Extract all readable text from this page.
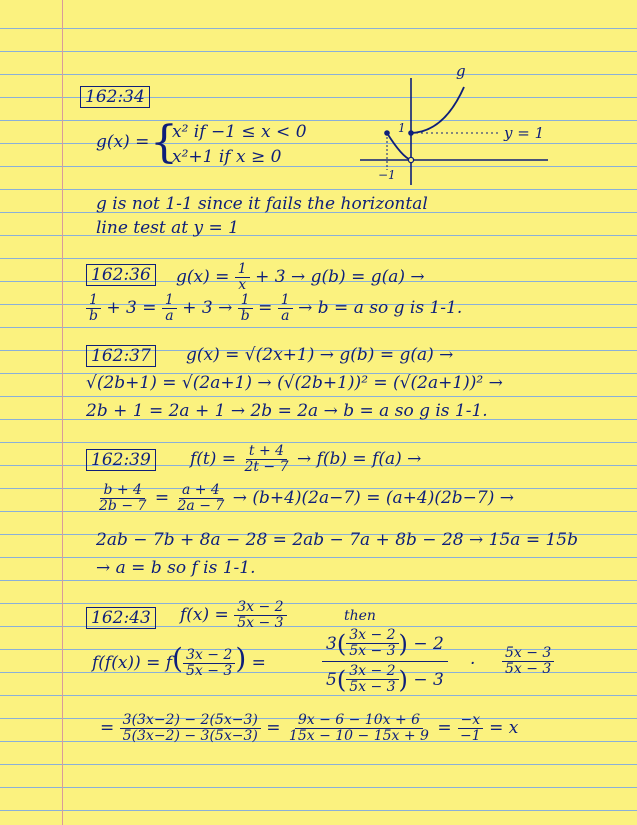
162:34
g(x) = {
x² if −1 ≤ x < 0
x²+1 if x ≥ 0
g
y = 1
1
−1
g is not 1-1 since it fails the horizontal
line test at y = 1
162:36 $g(x) = \frac{1}{x} + 3 \to g(b) = g(a)$ →
$\frac{1}{b} + 3 = \frac{1}{a} + 3 \to \frac{1}{b} = \frac{1}{a} \to b = a$ so g is 1-1.
162:37 g(x) = √(2x+1) → g(b) = g(a) →
√(2b+1) = √(2a+1) → (√(2b+1))² = (√(2a+1))² →
2b + 1 = 2a + 1 → 2b = 2a → b = a so g is 1-1.
162:39 $f(t) = \frac{t + 4}{2t - 7} \to f(b) = f(a)$ →
$\frac{b + 4}{2b - 7} = \frac{a + 4}{2a - 7} \to (b+4)(2a-7) = (a+4)(2b-7)$ →
2ab − 7b + 8a − 28 = 2ab − 7a + 8b − 28 → 15a = 15b
→ a = b so f is 1-1.
162:43 $f(x) = \frac{3x - 2}{5x - 3}$	then
$f(f(x)) = f( \frac{3x - 2}{5x - 3}$ ) =	3 ( $\frac{3x - 2}{5x - 3}$ )
− 2
5 ( $\frac{3x - 2}{5x - 3}$ )
− $3 \cdot \frac{5x - 3}{5x - 3}$
= $\frac{3(3x-2) - 2(5x-3)}{5(3x-2) - 3(5x-3)} = \frac{9x - 6 - 10x + 6}{15x - 10 - 15x + 9} = \frac{-x}{-1} = x$
